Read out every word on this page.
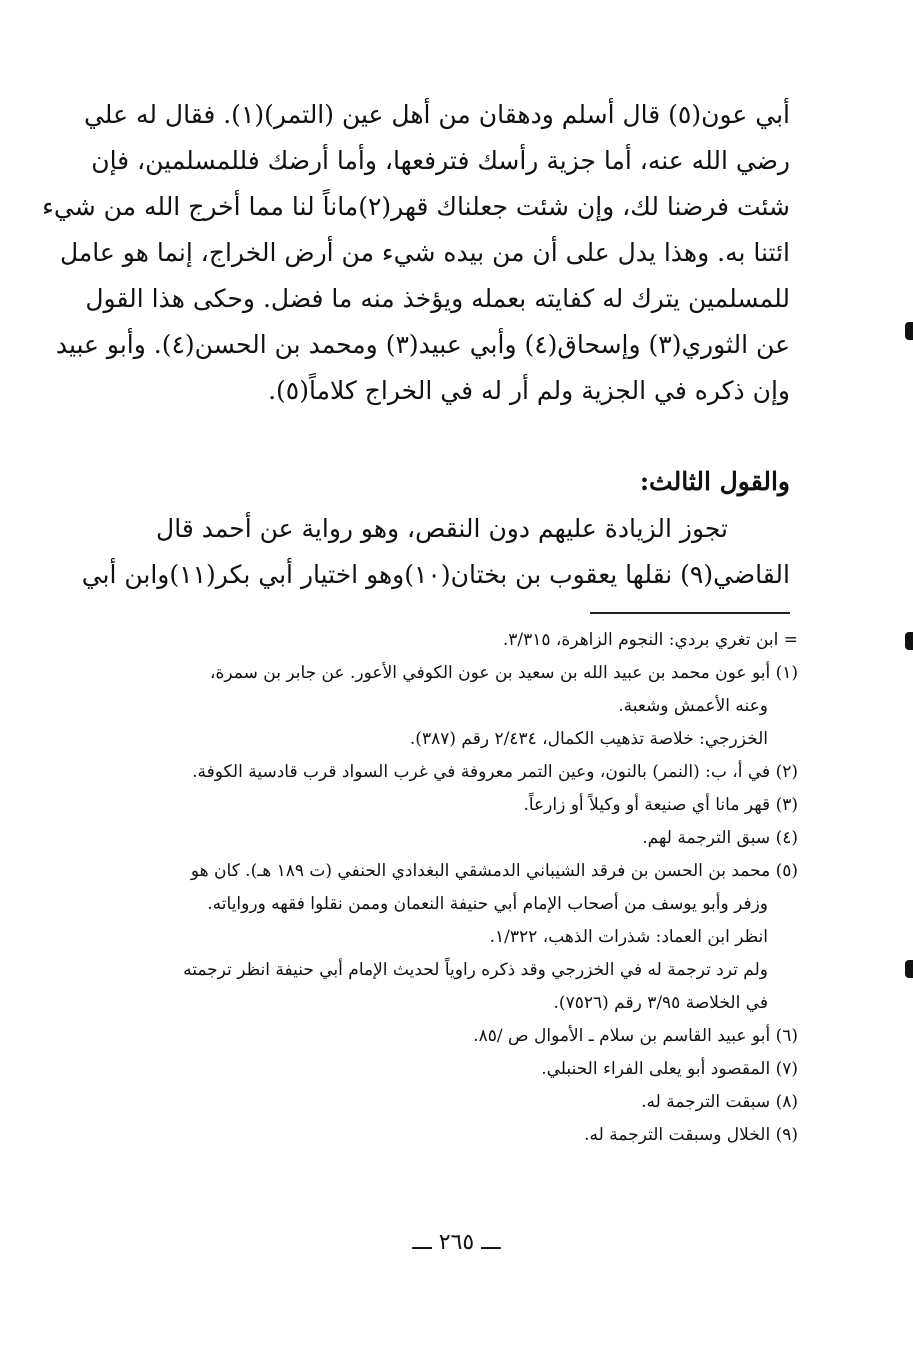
أبي عون(٥) قال أسلم ودهقان من أهل عين (التمر)(١). فقال له علي
رضي الله عنه، أما جزية رأسك فترفعها، وأما أرضك فللمسلمين، فإن
شئت فرضنا لك، وإن شئت جعلناك قهر(٢)ماناً لنا مما أخرج الله من شيء
ائتنا به. وهذا يدل على أن من بيده شيء من أرض الخراج، إنما هو عامل
للمسلمين يترك له كفايته بعمله ويؤخذ منه ما فضل. وحكى هذا القول
عن الثوري(٣) وإسحاق(٤) وأبي عبيد(٣) ومحمد بن الحسن(٤). وأبو عبيد
وإن ذكره في الجزية ولم أر له في الخراج كلاماً(٥).
والقول الثالث:
تجوز الزيادة عليهم دون النقص، وهو رواية عن أحمد قال
القاضي(٩) نقلها يعقوب بن بختان(١٠)وهو اختيار أبي بكر(١١)وابن أبي
= ابن تغري بردي: النجوم الزاهرة، ٣/٣١٥.
(١) أبو عون محمد بن عبيد الله بن سعيد بن عون الكوفي الأعور. عن جابر بن سمرة،
وعنه الأعمش وشعبة.
الخزرجي: خلاصة تذهيب الكمال، ٢/٤٣٤ رقم (٣٨٧).
(٢) في أ، ب: (النمر) بالنون، وعين التمر معروفة في غرب السواد قرب قادسية الكوفة.
(٣) قهر مانا أي صنيعة أو وكيلاً أو زارعاً.
(٤) سبق الترجمة لهم.
(٥) محمد بن الحسن بن فرقد الشيباني الدمشقي البغدادي الحنفي (ت ١٨٩ هـ). كان هو
وزفر وأبو يوسف من أصحاب الإمام أبي حنيفة النعمان وممن نقلوا فقهه ورواياته.
انظر ابن العماد: شذرات الذهب، ١/٣٢٢.
ولم ترد ترجمة له في الخزرجي وقد ذكره راوياً لحديث الإمام أبي حنيفة انظر ترجمته
في الخلاصة ٣/٩٥ رقم (٧٥٢٦).
(٦) أبو عبيد القاسم بن سلام ـ الأموال ص /٨٥.
(٧) المقصود أبو يعلى الفراء الحنبلي.
(٨) سبقت الترجمة له.
(٩) الخلال وسبقت الترجمة له.
ـــ ٢٦٥ ـــ
